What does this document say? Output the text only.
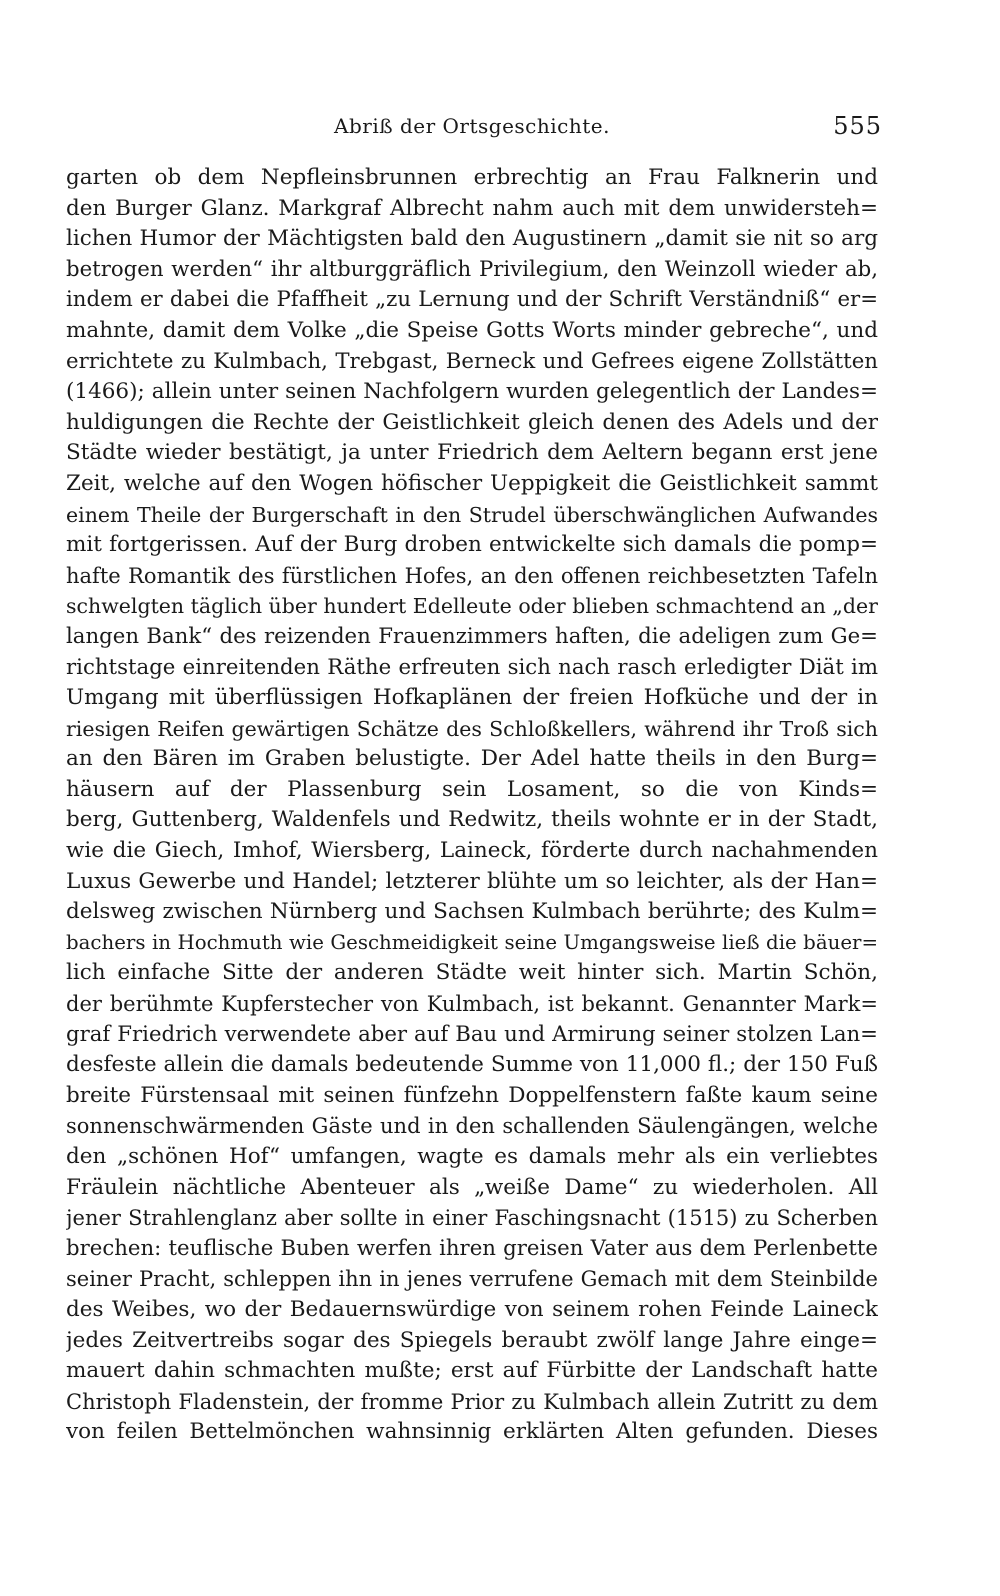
Abriß der Ortsgeschichte.	555
garten ob dem Nepfleinsbrunnen erbrechtig an Frau Falknerin und
den Burger Glanz. Markgraf Albrecht nahm auch mit dem unwidersteh=
lichen Humor der Mächtigsten bald den Augustinern „damit sie nit so arg
betrogen werden“ ihr altburggräflich Privilegium, den Weinzoll wieder ab,
indem er dabei die Pfaffheit „zu Lernung und der Schrift Verständniß“ er=
mahnte, damit dem Volke „die Speise Gotts Worts minder gebreche“, und
errichtete zu Kulmbach, Trebgast, Berneck und Gefrees eigene Zollstätten
(1466); allein unter seinen Nachfolgern wurden gelegentlich der Landes=
huldigungen die Rechte der Geistlichkeit gleich denen des Adels und der
Städte wieder bestätigt, ja unter Friedrich dem Aeltern begann erst jene
Zeit, welche auf den Wogen höfischer Ueppigkeit die Geistlichkeit sammt
einem Theile der Burgerschaft in den Strudel überschwänglichen Aufwandes
mit fortgerissen. Auf der Burg droben entwickelte sich damals die pomp=
hafte Romantik des fürstlichen Hofes, an den offenen reichbesetzten Tafeln
schwelgten täglich über hundert Edelleute oder blieben schmachtend an „der
langen Bank“ des reizenden Frauenzimmers haften, die adeligen zum Ge=
richtstage einreitenden Räthe erfreuten sich nach rasch erledigter Diät im
Umgang mit überflüssigen Hofkaplänen der freien Hofküche und der in
riesigen Reifen gewärtigen Schätze des Schloßkellers, während ihr Troß sich
an den Bären im Graben belustigte. Der Adel hatte theils in den Burg=
häusern auf der Plassenburg sein Losament, so die von Kinds=
berg, Guttenberg, Waldenfels und Redwitz, theils wohnte er in der Stadt,
wie die Giech, Imhof, Wiersberg, Laineck, förderte durch nachahmenden
Luxus Gewerbe und Handel; letzterer blühte um so leichter, als der Han=
delsweg zwischen Nürnberg und Sachsen Kulmbach berührte; des Kulm=
bachers in Hochmuth wie Geschmeidigkeit seine Umgangsweise ließ die bäuer=
lich einfache Sitte der anderen Städte weit hinter sich. Martin Schön,
der berühmte Kupferstecher von Kulmbach, ist bekannt. Genannter Mark=
graf Friedrich verwendete aber auf Bau und Armirung seiner stolzen Lan=
desfeste allein die damals bedeutende Summe von 11,000 fl.; der 150 Fuß
breite Fürstensaal mit seinen fünfzehn Doppelfenstern faßte kaum seine
sonnenschwärmenden Gäste und in den schallenden Säulengängen, welche
den „schönen Hof“ umfangen, wagte es damals mehr als ein verliebtes
Fräulein nächtliche Abenteuer als „weiße Dame“ zu wiederholen. All
jener Strahlenglanz aber sollte in einer Faschingsnacht (1515) zu Scherben
brechen: teuflische Buben werfen ihren greisen Vater aus dem Perlenbette
seiner Pracht, schleppen ihn in jenes verrufene Gemach mit dem Steinbilde
des Weibes, wo der Bedauernswürdige von seinem rohen Feinde Laineck
jedes Zeitvertreibs sogar des Spiegels beraubt zwölf lange Jahre einge=
mauert dahin schmachten mußte; erst auf Fürbitte der Landschaft hatte
Christoph Fladenstein, der fromme Prior zu Kulmbach allein Zutritt zu dem
von feilen Bettelmönchen wahnsinnig erklärten Alten gefunden. Dieses
